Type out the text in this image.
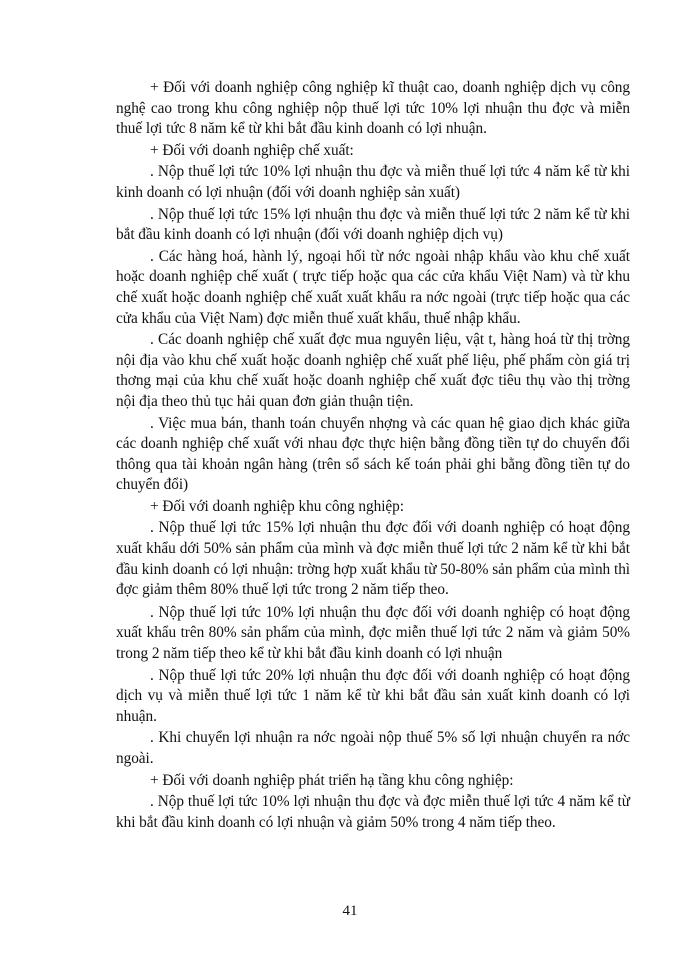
+ Đối với doanh nghiệp công nghiệp kĩ thuật cao, doanh nghiệp dịch vụ công nghệ cao trong khu công nghiệp nộp thuế lợi tức 10% lợi nhuận thu đợc và miễn thuế lợi tức 8 năm kể từ khi bắt đầu kinh doanh có lợi nhuận.

+ Đối với doanh nghiệp chế xuất:

. Nộp thuế lợi tức 10% lợi nhuận thu đợc và miễn thuế lợi tức 4 năm kể từ khi kinh doanh có lợi nhuận (đối với doanh nghiệp sản xuất)

. Nộp thuế lợi tức 15% lợi nhuận thu đợc và miễn thuế lợi tức 2 năm kể từ khi bắt đầu kinh doanh có lợi nhuận (đối với doanh nghiệp dịch vụ)

. Các hàng hoá, hành lý, ngoại hối từ nớc ngoài nhập khẩu vào khu chế xuất hoặc doanh nghiệp chế xuất ( trực tiếp hoặc qua các cửa khẩu Việt Nam) và từ khu chế xuất hoặc doanh nghiệp chế xuất xuất khẩu ra nớc ngoài (trực tiếp hoặc qua các cửa khẩu của Việt Nam) đợc miễn thuế xuất khẩu, thuế nhập khẩu.

. Các doanh nghiệp chế xuất đợc mua nguyên liệu, vật t, hàng hoá từ thị trờng nội địa vào khu chế xuất hoặc doanh nghiệp chế xuất phế liệu, phế phẩm còn giá trị thơng mại của khu chế xuất hoặc doanh nghiệp chế xuất đợc tiêu thụ vào thị trờng nội địa theo thủ tục hải quan đơn giản thuận tiện.

. Việc mua bán, thanh toán chuyển nhợng và các quan hệ giao dịch khác giữa các doanh nghiệp chế xuất với nhau đợc thực hiện bằng đồng tiền tự do chuyển đổi thông qua tài khoản ngân hàng (trên sổ sách kế toán phải ghi bằng đồng tiền tự do chuyển đổi)

+ Đối với doanh nghiệp khu công nghiệp:

. Nộp thuế lợi tức 15% lợi nhuận thu đợc đối với doanh nghiệp có hoạt động xuất khẩu dới 50% sản phẩm của mình và đợc miễn thuế lợi tức 2 năm kể từ khi bắt đầu kinh doanh có lợi nhuận: trờng hợp xuất khẩu từ 50-80% sản phẩm của mình thì đợc giảm thêm 80% thuế lợi tức trong 2 năm tiếp theo.

. Nộp thuế lợi tức 10% lợi nhuận thu đợc đối với doanh nghiệp có hoạt động xuất khẩu trên 80% sản phẩm của mình, đợc miễn thuế lợi tức 2 năm và giảm 50% trong 2 năm tiếp theo kể từ khi bắt đầu kinh doanh có lợi nhuận

. Nộp thuế lợi tức 20% lợi nhuận thu đợc đối với doanh nghiệp có hoạt động dịch vụ và miễn thuế lợi tức 1 năm kể từ khi bắt đầu sản xuất kinh doanh có lợi nhuận.

. Khi chuyển lợi nhuận ra nớc ngoài nộp thuế 5% số lợi nhuận chuyển ra nớc ngoài.

+ Đối với doanh nghiệp phát triển hạ tầng khu công nghiệp:

. Nộp thuế lợi tức 10% lợi nhuận thu đợc và đợc miễn thuế lợi tức 4 năm kể từ khi bắt đầu kinh doanh có lợi nhuận và giảm 50% trong 4 năm tiếp theo.

41
